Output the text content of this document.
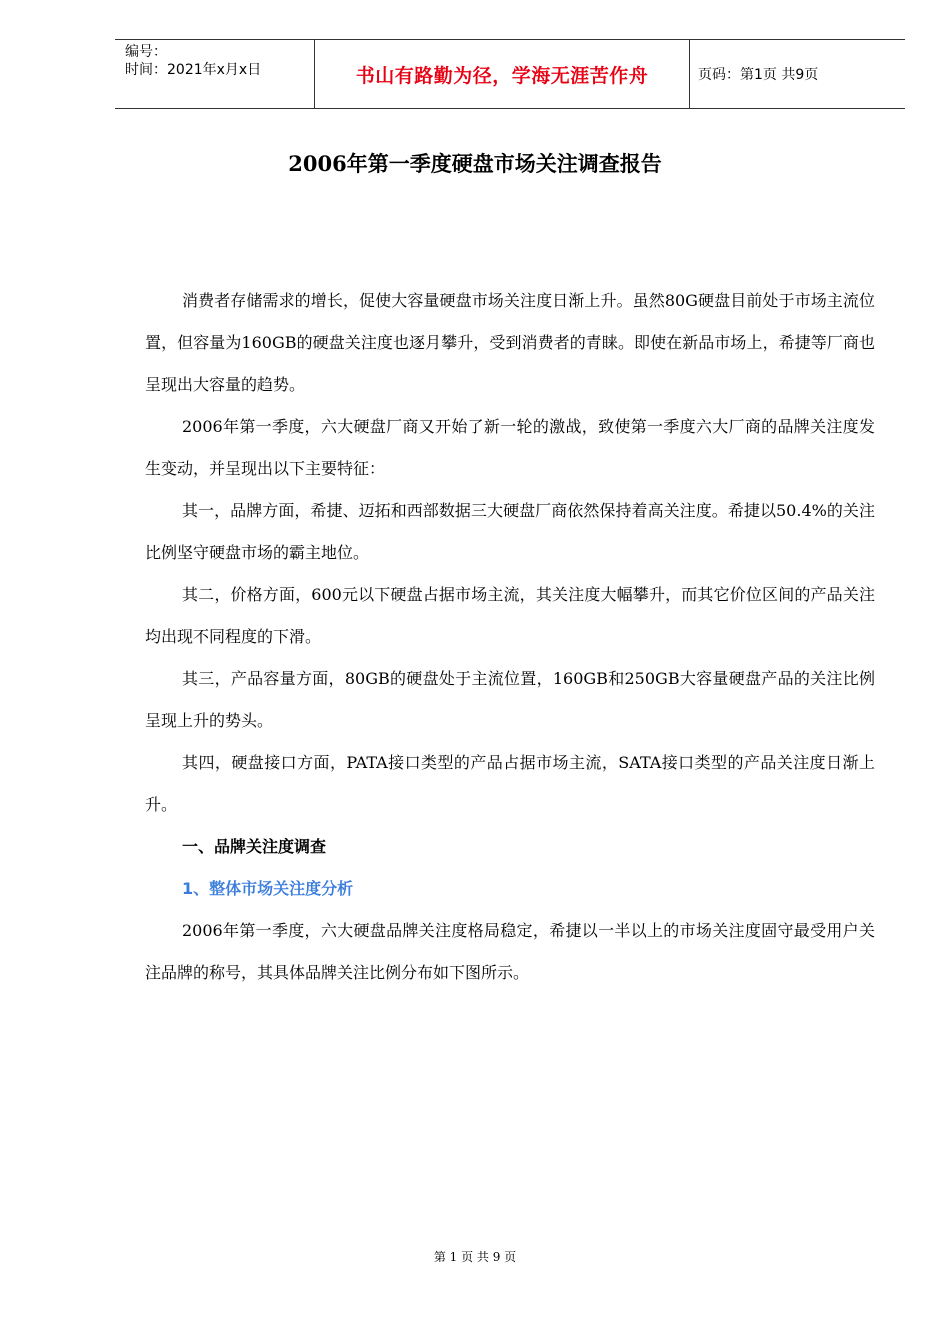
编号：
时间：2021年x月x日	书山有路勤为径，学海无涯苦作舟	页码：第1页 共9页
2006年第一季度硬盘市场关注调查报告

消费者存储需求的增长，促使大容量硬盘市场关注度日渐上升。虽然80G硬盘目前处于市场主流位置，但容量为160GB的硬盘关注度也逐月攀升，受到消费者的青睐。即使在新品市场上，希捷等厂商也呈现出大容量的趋势。

2006年第一季度，六大硬盘厂商又开始了新一轮的激战，致使第一季度六大厂商的品牌关注度发生变动，并呈现出以下主要特征：

其一，品牌方面，希捷、迈拓和西部数据三大硬盘厂商依然保持着高关注度。希捷以50.4%的关注比例坚守硬盘市场的霸主地位。

其二，价格方面，600元以下硬盘占据市场主流，其关注度大幅攀升，而其它价位区间的产品关注均出现不同程度的下滑。

其三，产品容量方面，80GB的硬盘处于主流位置，160GB和250GB大容量硬盘产品的关注比例呈现上升的势头。

其四，硬盘接口方面，PATA接口类型的产品占据市场主流，SATA接口类型的产品关注度日渐上升。

一、品牌关注度调查

1、整体市场关注度分析

2006年第一季度，六大硬盘品牌关注度格局稳定，希捷以一半以上的市场关注度固守最受用户关注品牌的称号，其具体品牌关注比例分布如下图所示。

第 1 页 共 9 页
